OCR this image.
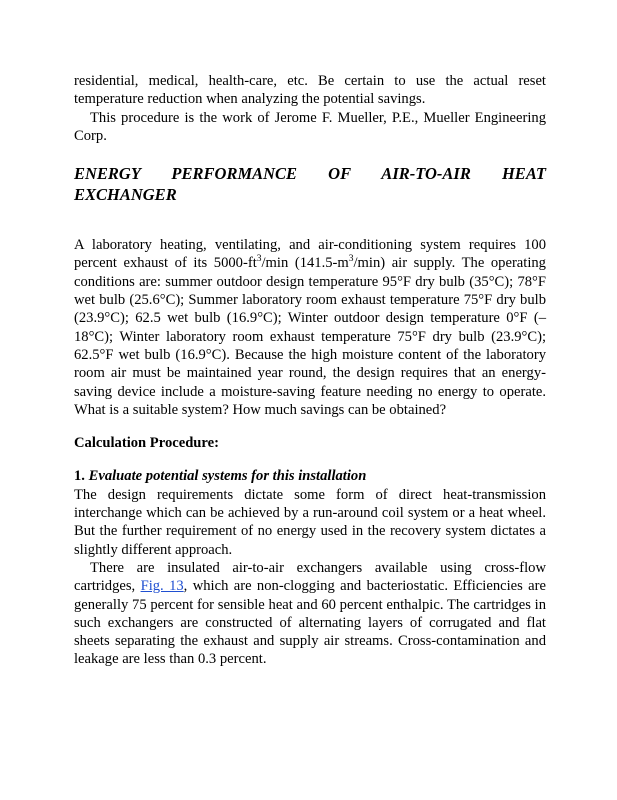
residential, medical, health-care, etc. Be certain to use the actual reset temperature reduction when analyzing the potential savings.

This procedure is the work of Jerome F. Mueller, P.E., Mueller Engineering Corp.

ENERGY PERFORMANCE OF AIR-TO-AIR HEAT
EXCHANGER

A laboratory heating, ventilating, and air-conditioning system requires 100 percent exhaust of its $5000-ft^3/\min$ $(141.5-m^3/\min)$ air supply. The operating conditions are: summer outdoor design temperature 95°F dry bulb (35°C); 78°F wet bulb (25.6°C); Summer laboratory room exhaust temperature 75°F dry bulb (23.9°C); 62.5 wet bulb (16.9°C); Winter outdoor design temperature 0°F (–18°C); Winter laboratory room exhaust temperature 75°F dry bulb (23.9°C); 62.5°F wet bulb (16.9°C). Because the high moisture content of the laboratory room air must be maintained year round, the design requires that an energy-saving device include a moisture-saving feature needing no energy to operate. What is a suitable system? How much savings can be obtained?

Calculation Procedure:

1. Evaluate potential systems for this installation

The design requirements dictate some form of direct heat-transmission interchange which can be achieved by a run-around coil system or a heat wheel. But the further requirement of no energy used in the recovery system dictates a slightly different approach.

There are insulated air-to-air exchangers available using cross-flow cartridges, Fig. 13, which are non-clogging and bacteriostatic. Efficiencies are generally 75 percent for sensible heat and 60 percent enthalpic. The cartridges in such exchangers are constructed of alternating layers of corrugated and flat sheets separating the exhaust and supply air streams. Cross-contamination and leakage are less than 0.3 percent.
